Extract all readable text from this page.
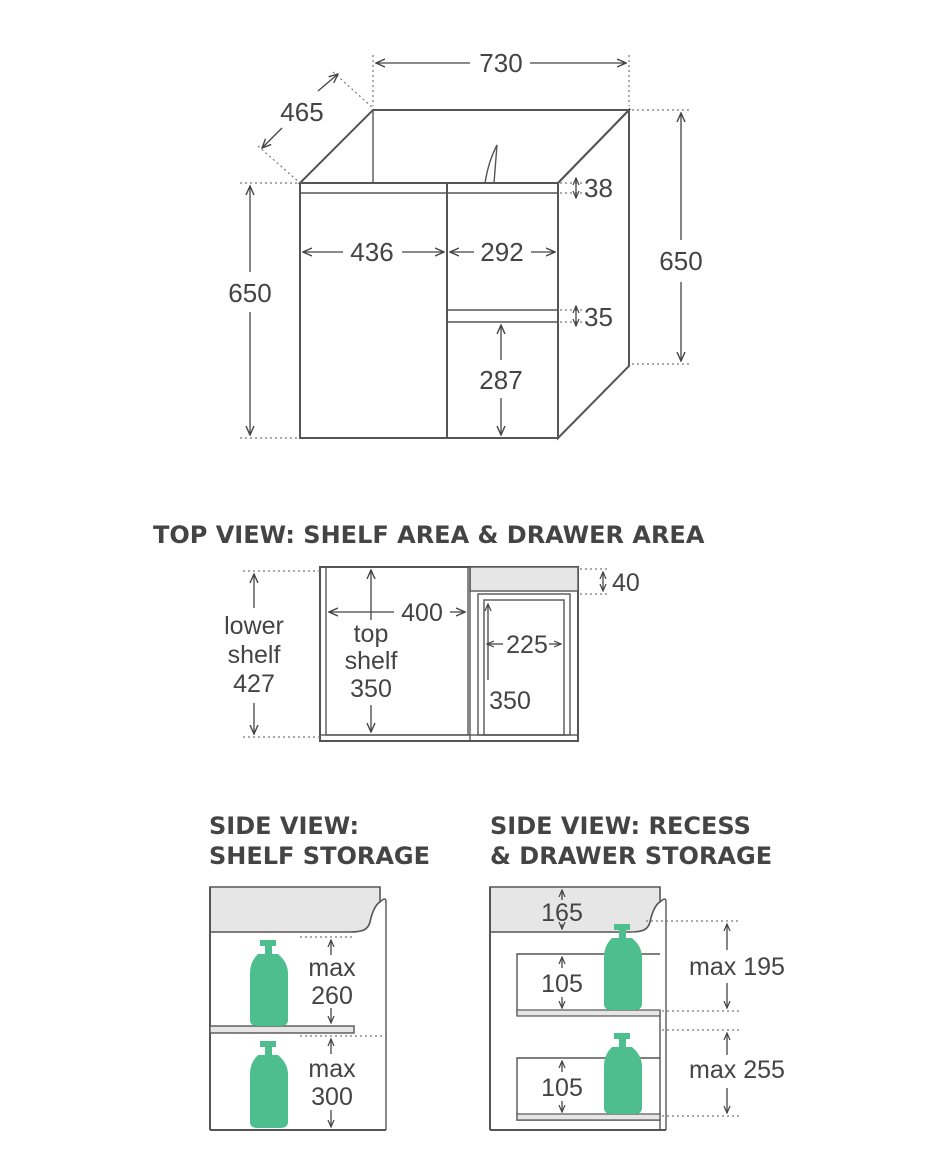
730
465
650
650
436	292
38
35
287
TOP VIEW: SHELF AREA & DRAWER AREA
lower
shelf
427
400
top
shelf
350
40
225
350
SIDE VIEW:
SHELF STORAGE
max
260
max
300
SIDE VIEW: RECESS
& DRAWER STORAGE
165
105
105
max 195
max 255
